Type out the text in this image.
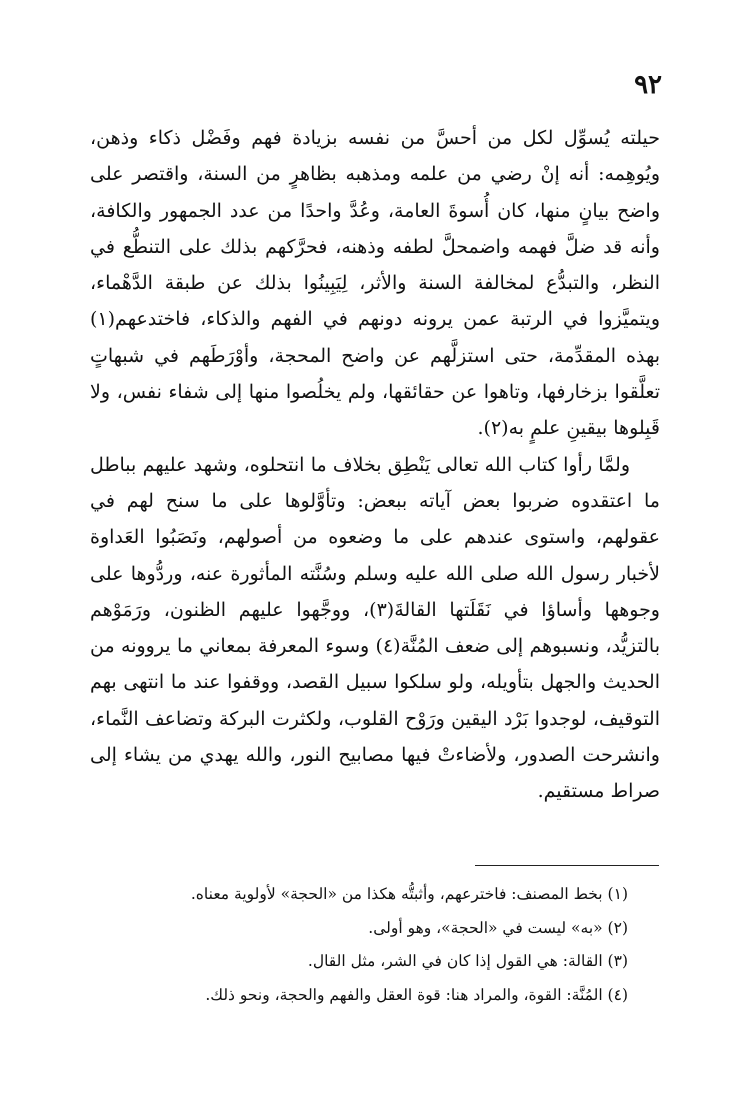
٩٢

حيلته يُسوِّل لكل من أحسَّ من نفسه بزيادة فهم وفَضْل ذكاء وذهن، ويُوهِمه: أنه إنْ رضي من علمه ومذهبه بظاهرٍ من السنة، واقتصر على واضح بيانٍ منها، كان أُسوةَ العامة، وعُدَّ واحدًا من عدد الجمهور والكافة، وأنه قد ضلَّ فهمه واضمحلَّ لطفه وذهنه، فحرَّكهم بذلك على التنطُّع في النظر، والتبدُّع لمخالفة السنة والأثر، لِيَبِينُوا بذلك عن طبقة الدَّهْماء، ويتميَّزوا في الرتبة عمن يرونه دونهم في الفهم والذكاء، فاختدعهم(١) بهذه المقدِّمة، حتى استزلَّهم عن واضح المحجة، وأوْرَطَهم في شبهاتٍ تعلَّقوا بزخارفها، وتاهوا عن حقائقها، ولم يخلُصوا منها إلى شفاء نفس، ولا قَبِلوها بيقينِ علمٍ به(٢).

ولمَّا رأوا كتاب الله تعالى يَنْطِق بخلاف ما انتحلوه، وشهد عليهم بباطل ما اعتقدوه ضربوا بعض آياته ببعض: وتأوَّلوها على ما سنح لهم في عقولهم، واستوى عندهم على ما وضعوه من أصولهم، ونَصَبُوا العَداوة لأخبار رسول الله صلى الله عليه وسلم وسُنَّته المأثورة عنه، وردُّوها على وجوهها وأساؤا في نَقَلَتها القالةَ(٣)، ووجَّهوا عليهم الظنون، ورَمَوْهم بالتزيُّد، ونسبوهم إلى ضعف المُنَّة(٤) وسوء المعرفة بمعاني ما يروونه من الحديث والجهل بتأويله، ولو سلكوا سبيل القصد، ووقفوا عند ما انتهى بهم التوقيف، لوجدوا بَرْد اليقين ورَوْح القلوب، ولكثرت البركة وتضاعف النَّماء، وانشرحت الصدور، ولأضاءتْ فيها مصابيح النور، والله يهدي من يشاء إلى صراط مستقيم.

(١) بخط المصنف: فاخترعهم، وأثبتُّه هكذا من «الحجة» لأولوية معناه.

(٢) «به» ليست في «الحجة»، وهو أولى.

(٣) القالة: هي القول إذا كان في الشر، مثل القال.

(٤) المُنَّة: القوة، والمراد هنا: قوة العقل والفهم والحجة، ونحو ذلك.
